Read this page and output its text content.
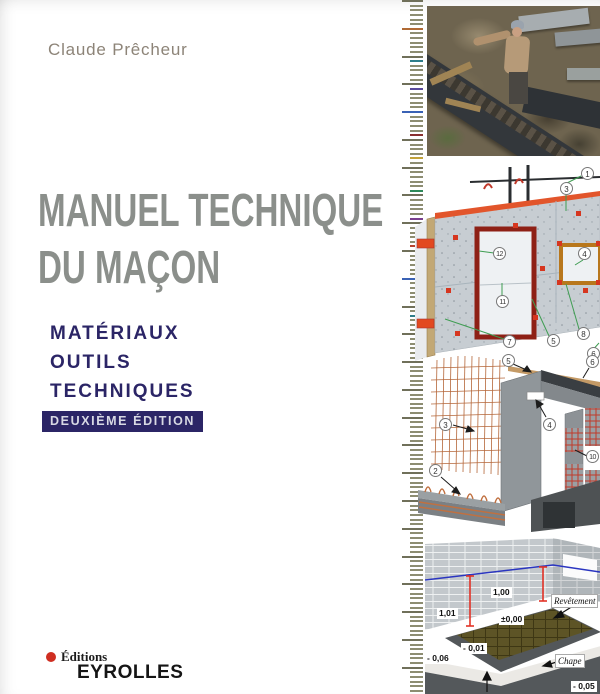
Claude Prêcheur
MANUEL TECHNIQUE
DU MAÇON
MATÉRIAUX
OUTILS
TECHNIQUES
DEUXIÈME ÉDITION
Éditions
EYROLLES
1
3
12	4
11
7	5
8
5	6
3
2
4
10
1,01
1,00
±0,00
- 0,01
- 0,06
- 0,05
Revêtement
Chape
